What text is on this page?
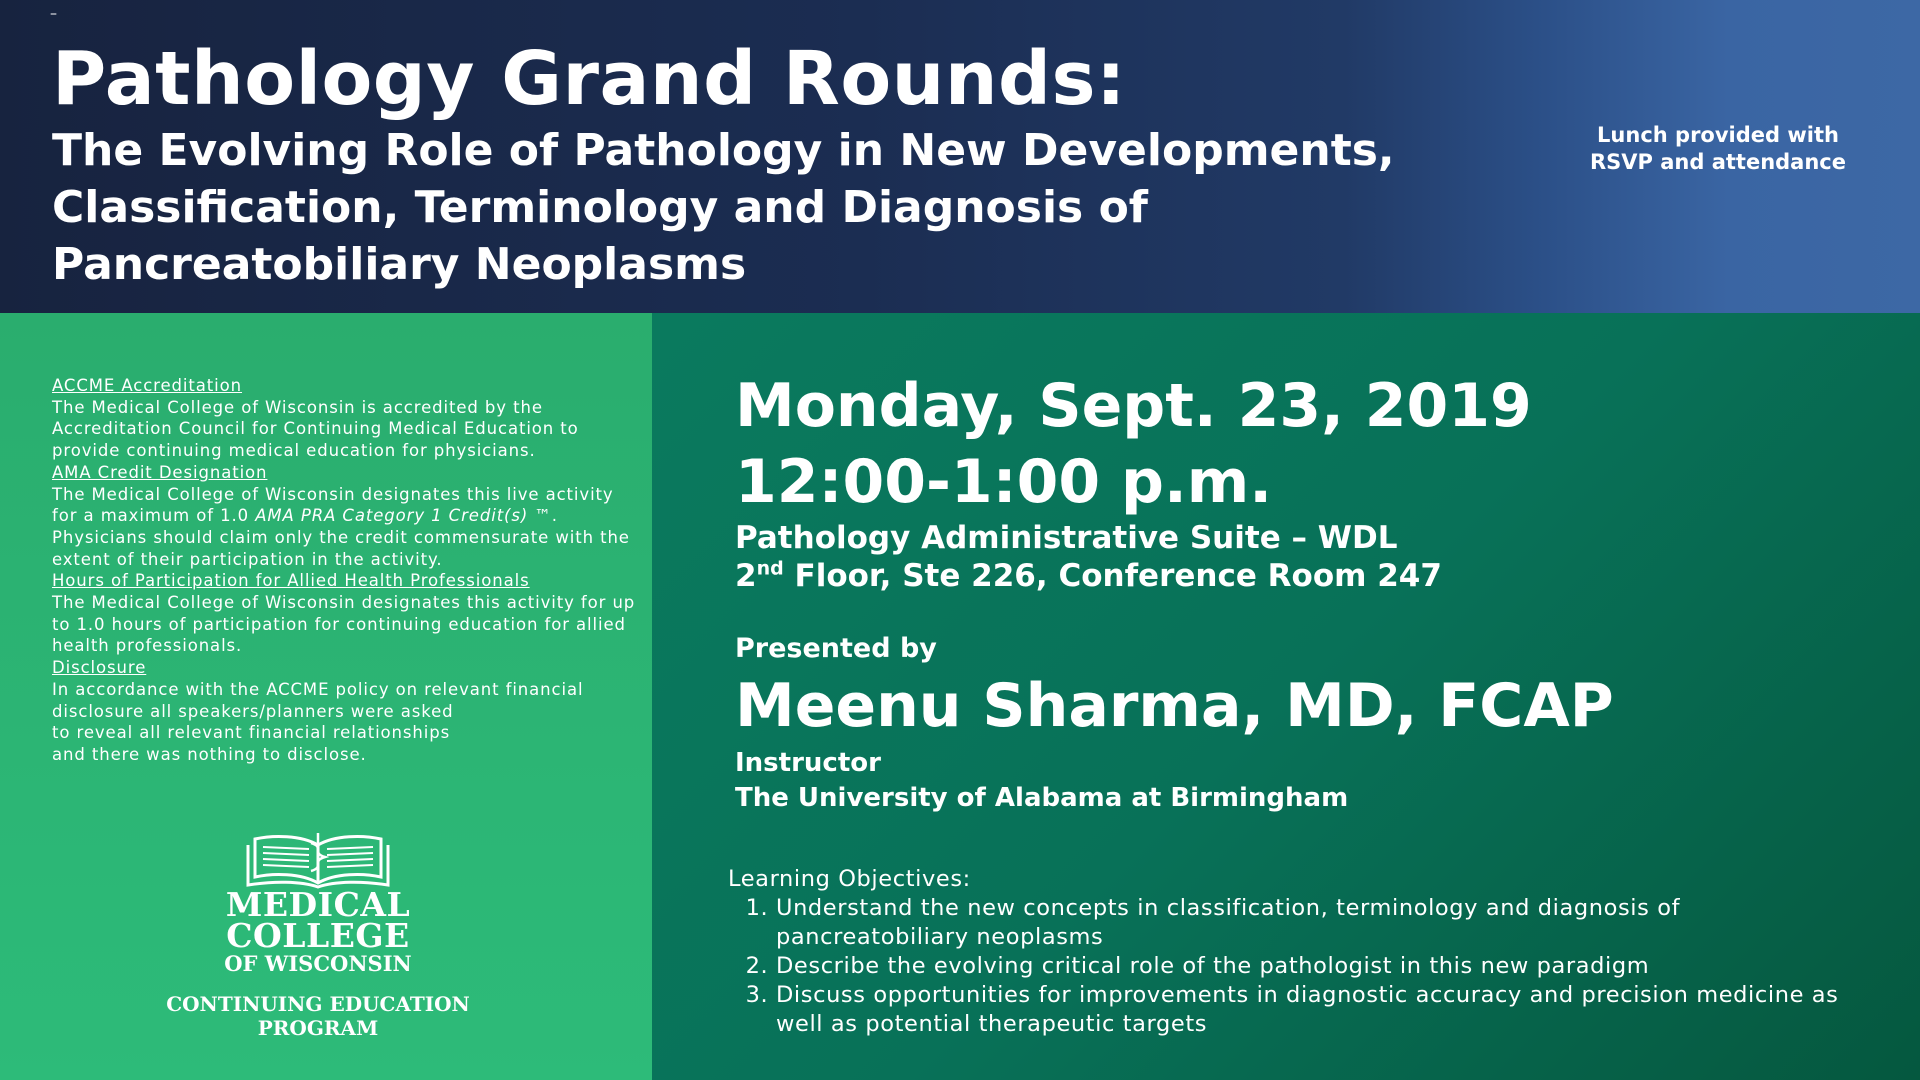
–
Pathology Grand Rounds:
The Evolving Role of Pathology in New Developments, Classification, Terminology and Diagnosis of Pancreatobiliary Neoplasms
Lunch provided with
RSVP and attendance
ACCME Accreditation
The Medical College of Wisconsin is accredited by the Accreditation Council for Continuing Medical Education to provide continuing medical education for physicians.
AMA Credit Designation
The Medical College of Wisconsin designates this live activity for a maximum of 1.0 AMA PRA Category 1 Credit(s) ™.
Physicians should claim only the credit commensurate with the extent of their participation in the activity.
Hours of Participation for Allied Health Professionals
The Medical College of Wisconsin designates this activity for up to 1.0 hours of participation for continuing education for allied health professionals.
Disclosure
In accordance with the ACCME policy on relevant financial disclosure all speakers/planners were asked
to reveal all relevant financial relationships
and there was nothing to disclose.
MEDICAL
COLLEGE
OF WISCONSIN
CONTINUING EDUCATION
PROGRAM
Monday, Sept. 23, 2019
12:00-1:00 p.m.
Pathology Administrative Suite – WDL
2nd Floor, Ste 226, Conference Room 247
Presented by
Meenu Sharma, MD, FCAP
Instructor
The University of Alabama at Birmingham
Learning Objectives:
1. Understand the new concepts in classification, terminology and diagnosis of pancreatobiliary neoplasms
2. Describe the evolving critical role of the pathologist in this new paradigm
3. Discuss opportunities for improvements in diagnostic accuracy and precision medicine as well as potential therapeutic targets
